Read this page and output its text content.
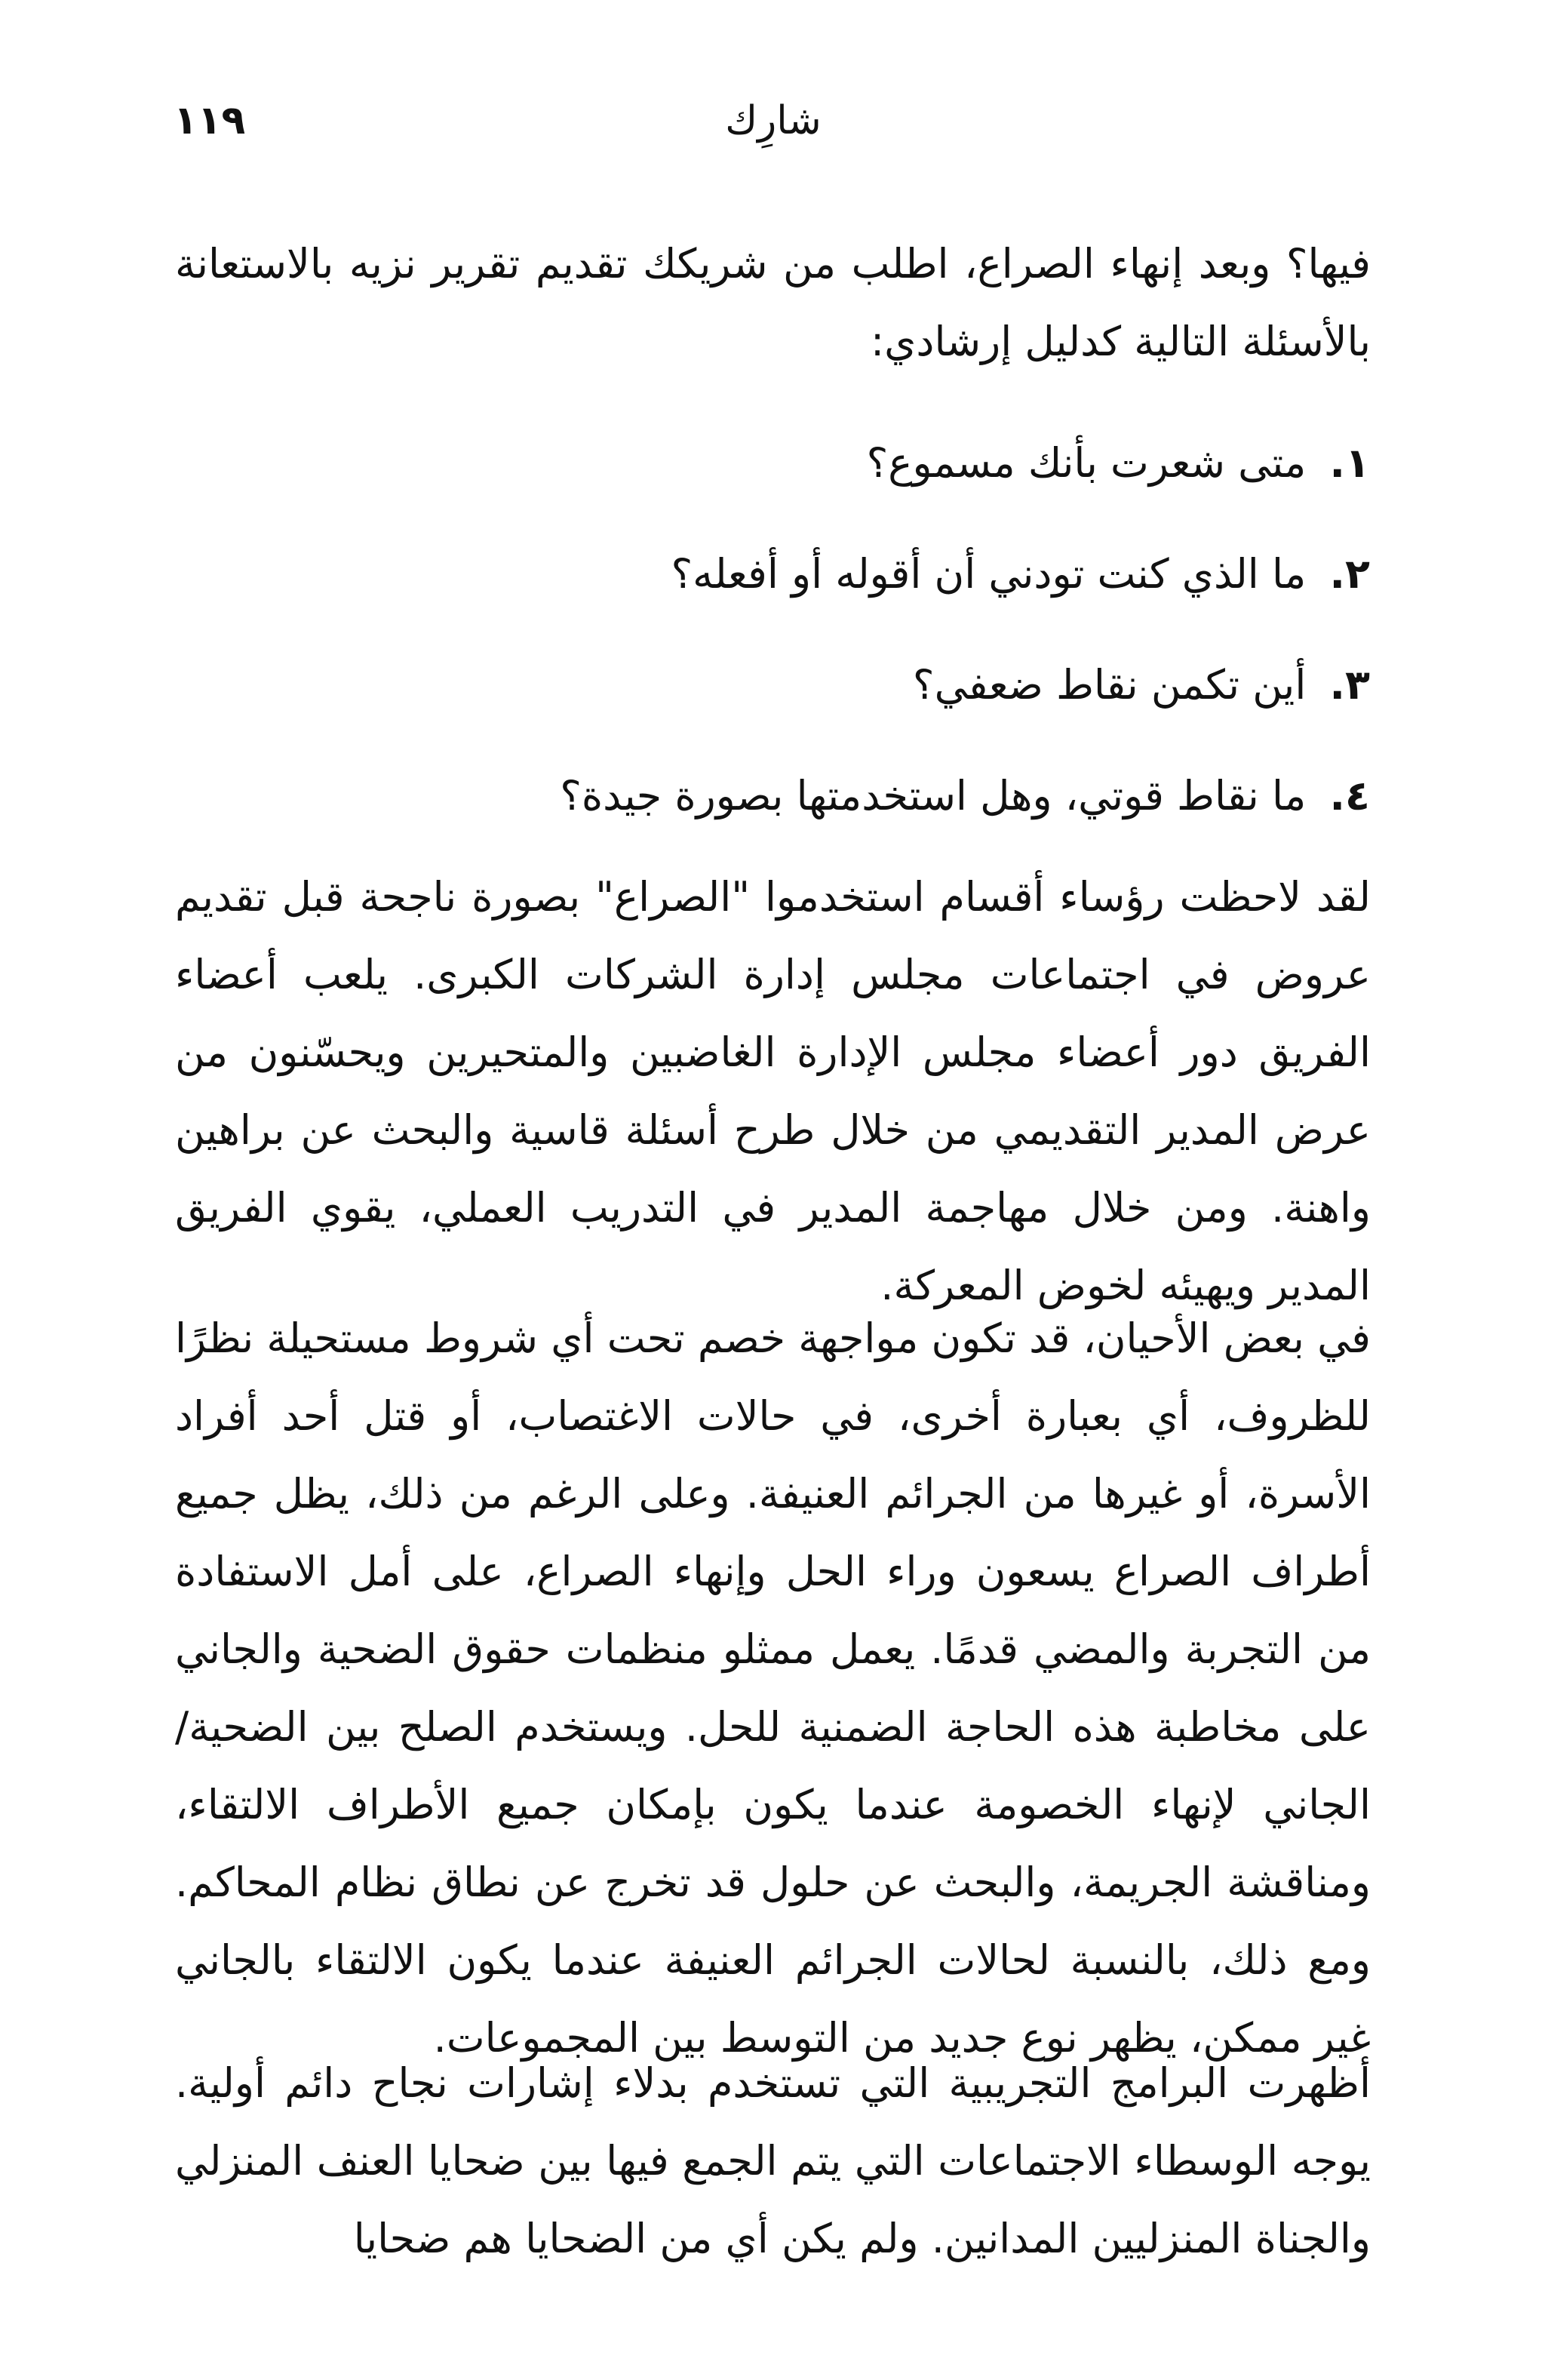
١١٩	شارِك

فيها؟ وبعد إنهاء الصراع، اطلب من شريكك تقديم تقرير نزيه بالاستعانة بالأسئلة التالية كدليل إرشادي:

١. متى شعرت بأنك مسموع؟
٢. ما الذي كنت تودني أن أقوله أو أفعله؟
٣. أين تكمن نقاط ضعفي؟
٤. ما نقاط قوتي، وهل استخدمتها بصورة جيدة؟

لقد لاحظت رؤساء أقسام استخدموا "الصراع" بصورة ناجحة قبل تقديم عروض في اجتماعات مجلس إدارة الشركات الكبرى. يلعب أعضاء الفريق دور أعضاء مجلس الإدارة الغاضبين والمتحيرين ويحسّنون من عرض المدير التقديمي من خلال طرح أسئلة قاسية والبحث عن براهين واهنة. ومن خلال مهاجمة المدير في التدريب العملي، يقوي الفريق المدير ويهيئه لخوض المعركة.

في بعض الأحيان، قد تكون مواجهة خصم تحت أي شروط مستحيلة نظرًا للظروف، أي بعبارة أخرى، في حالات الاغتصاب، أو قتل أحد أفراد الأسرة، أو غيرها من الجرائم العنيفة. وعلى الرغم من ذلك، يظل جميع أطراف الصراع يسعون وراء الحل وإنهاء الصراع، على أمل الاستفادة من التجربة والمضي قدمًا. يعمل ممثلو منظمات حقوق الضحية والجاني على مخاطبة هذه الحاجة الضمنية للحل. ويستخدم الصلح بين الضحية/الجاني لإنهاء الخصومة عندما يكون بإمكان جميع الأطراف الالتقاء، ومناقشة الجريمة، والبحث عن حلول قد تخرج عن نطاق نظام المحاكم. ومع ذلك، بالنسبة لحالات الجرائم العنيفة عندما يكون الالتقاء بالجاني غير ممكن، يظهر نوع جديد من التوسط بين المجموعات.

أظهرت البرامج التجريبية التي تستخدم بدلاء إشارات نجاح دائم أولية. يوجه الوسطاء الاجتماعات التي يتم الجمع فيها بين ضحايا العنف المنزلي والجناة المنزليين المدانين. ولم يكن أي من الضحايا هم ضحايا
